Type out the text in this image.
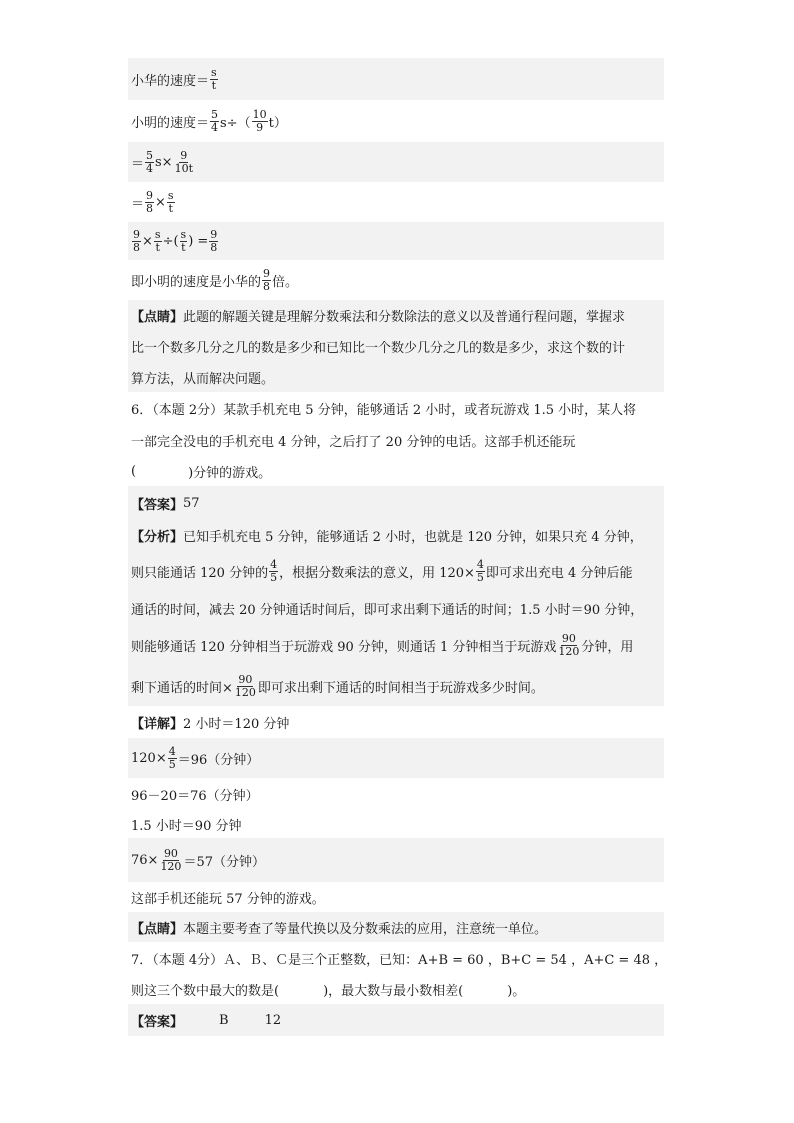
小华的速度＝ $\frac{s}{t}$
小明的速度＝ $\frac{5}{4} s\div( \frac{10}{9} t)$
＝ $\frac{5}{4} s\times \frac{9}{10t}$
＝ $\frac{9}{8} \times \frac{s}{t}$
$\frac{9}{8} \times \frac{s}{t}$ ÷( $\frac{s}{t}$ ) = $\frac{9}{8}$
即小明的速度是小华的 $\frac{9}{8}$ 倍。
【点睛】 此题的解题关键是理解分数乘法和分数除法的意义以及普通行程问题，掌握求
比一个数多几分之几的数是多少和已知比一个数少几分之几的数是多少，求这个数的计
算方法，从而解决问题。
6．（本题 2分）某款手机充电 5 分钟，能够通话 2 小时，或者玩游戏 1.5 小时，某人将
一部完全没电的手机充电 4 分钟，之后打了 20 分钟的电话。这部手机还能玩
(	)分钟的游戏。
【答案】 57
【分析】 已知手机充电 5 分钟，能够通话 2 小时，也就是 120 分钟，如果只充 4 分钟，
则只能通话 120 分钟的 $\frac{4}{5}$ ，根据分数乘法的意义，用 $120\times \frac{4}{5}$ 即可求出充电 4 分钟后能
通话的时间，减去 20 分钟通话时间后，即可求出剩下通话的时间；1.5 小时＝90 分钟，
则能够通话 120 分钟相当于玩游戏 90 分钟，则通话 1 分钟相当于玩游戏 $\frac{90}{120}$ 分钟，用
剩下通话的时间× $\frac{90}{120}$ 即可求出剩下通话的时间相当于玩游戏多少时间。
【详解】 2 小时＝120 分钟
$120\times \frac{4}{5} =96$（分钟）
96－20＝76（分钟）
1.5 小时＝90 分钟
$76\times \frac{90}{120} =57$（分钟）
这部手机还能玩 57 分钟的游戏。
【点睛】 本题主要考查了等量代换以及分数乘法的应用，注意统一单位。
7．（本题 4分）Ａ、Ｂ、Ｃ是三个正整数，已知：A+B = 60 ，B+C = 54 ，A+C = 48 ，
则这三个数中最大的数是(	)，最大数与最小数相差(	)。
【答案】	B	12
